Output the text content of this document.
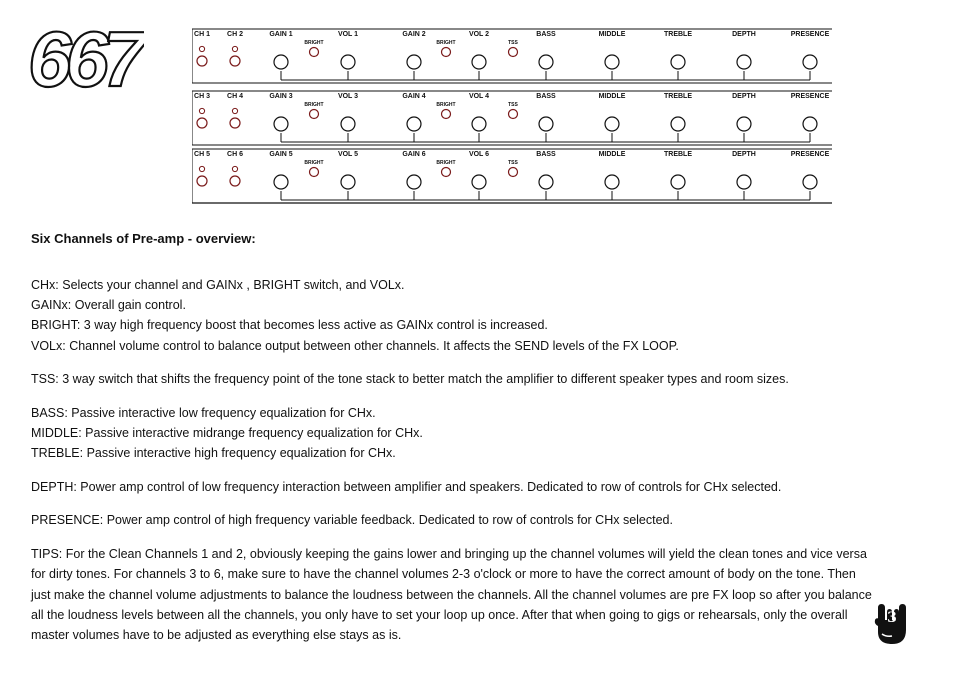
667	CH 1 CH 2	GAIN 1	VOL 1	GAIN 2	VOL 2	BASS	MIDDLE	TREBLE	DEPTH	PRESENCE
BRIGHT	BRIGHT	TSS
CH 3 CH 4	GAIN 3	VOL 3	GAIN 4	VOL 4	BASS	MIDDLE	TREBLE	DEPTH	PRESENCE
BRIGHT	BRIGHT	TSS
CH 5 CH 6	GAIN 5	VOL 5	GAIN 6	VOL 6	BASS	MIDDLE	TREBLE	DEPTH	PRESENCE
BRIGHT	BRIGHT	TSS
Six Channels of Pre-amp - overview:

CHx: Selects your channel and GAINx , BRIGHT switch, and VOLx.

GAINx: Overall gain control.

BRIGHT: 3 way high frequency boost that becomes less active as GAINx control is increased.

VOLx: Channel volume control to balance output between other channels. It affects the SEND levels of the FX LOOP.

TSS: 3 way switch that shifts the frequency point of the tone stack to better match the amplifier to different speaker types and room sizes.

BASS: Passive interactive low frequency equalization for CHx.

MIDDLE: Passive interactive midrange frequency equalization for CHx.

TREBLE: Passive interactive high frequency equalization for CHx.

DEPTH: Power amp control of low frequency interaction between amplifier and speakers. Dedicated to row of controls for CHx selected.

PRESENCE: Power amp control of high frequency variable feedback. Dedicated to row of controls for CHx selected.

TIPS: For the Clean Channels 1 and 2, obviously keeping the gains lower and bringing up the channel volumes will yield the clean tones and vice versa

for dirty tones. For channels 3 to 6, make sure to have the channel volumes 2-3 o'clock or more to have the correct amount of body on the tone. Then

just make the channel volume adjustments to balance the loudness between the channels. All the channel volumes are pre FX loop so after you balance

all the loudness levels between all the channels, you only have to set your loop up once. After that when going to gigs or rehearsals, only the overall

master volumes have to be adjusted as everything else stays as is.

3
